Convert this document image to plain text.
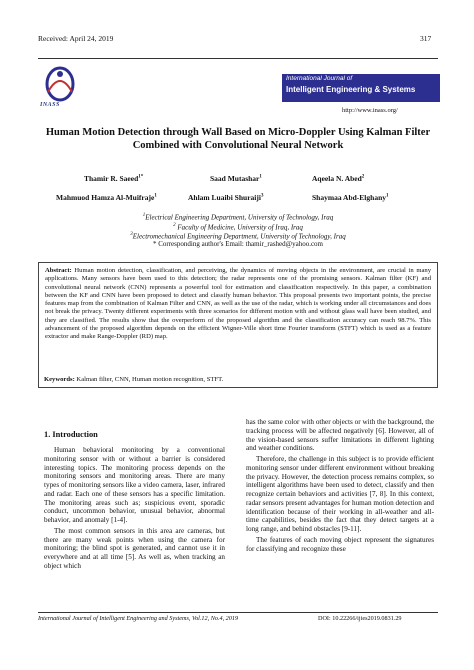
Received: April 24, 2019	317
INASS
International Journal of
Intelligent Engineering & Systems
http://www.inass.org/
Human Motion Detection through Wall Based on Micro-Doppler Using Kalman Filter Combined with Convolutional Neural Network
Thamir R. Saeed$^{1*}$	Saad Mutashar$^1$	Aqeela N. Abed$^2$
Mahmuod Hamza Al-Muifraje$^1$	Ahlam Luaibi Shuraiji$^3$	Shaymaa Abd-Elghany$^1$
$^1$Electrical Engineering Department, University of Technology, Iraq
$^2$ Faculty of Medicine, University of Iraq, Iraq
$^3$Electromechanical Engineering Department, University of Technology, Iraq
* Corresponding author's Email: thamir_rashed@yahoo.com
Abstract: Human motion detection, classification, and perceiving, the dynamics of moving objects in the environment, are crucial in many applications. Many sensors have been used to this detection; the radar represents one of the promising sensors. Kalman filter (KF) and convolutional neural network (CNN) represents a powerful tool for estimation and classification respectively. In this paper, a combination between the KF and CNN have been proposed to detect and classify human behavior. This proposal presents two important points, the precise features map from the combination of Kalman Filter and CNN, as well as the use of the radar, which is working under all circumstances and does not break the privacy. Twenty different experiments with three scenarios for different motion with and without glass wall have been studied, and they are classified. The results show that the overperform of the proposed algorithm and the classification accuracy can reach 98.7%. This advancement of the proposed algorithm depends on the efficient Wigner-Ville short time Fourier transform (STFT) which is used as a feature extractor and make Range-Doppler (RD) map.
Keywords: Kalman filter, CNN, Human motion recognition, STFT.
1. Introduction

Human behavioral monitoring by a conventional monitoring sensor with or without a barrier is considered interesting topics. The monitoring process depends on the monitoring sensors and monitoring areas. There are many types of monitoring sensors like a video camera, laser, infrared and radar. Each one of these sensors has a specific limitation. The monitoring areas such as; suspicious event, sporadic conduct, uncommon behavior, unusual behavior, abnormal behavior, and anomaly [1-4].

The most common sensors in this area are cameras, but there are many weak points when using the camera for monitoring; the blind spot is generated, and cannot use it in everywhere and at all time [5]. As well as, when tracking an object which

has the same color with other objects or with the background, the tracking process will be affected negatively [6]. However, all of the vision-based sensors suffer limitations in different lighting and weather conditions.

Therefore, the challenge in this subject is to provide efficient monitoring sensor under different environment without breaking the privacy. However, the detection process remains complex, so intelligent algorithms have been used to detect, classify and then recognize certain behaviors and activities [7, 8]. In this context, radar sensors present advantages for human motion detection and identification because of their working in all-weather and all-time capabilities, besides the fact that they detect targets at a long range, and behind obstacles [9-11].

The features of each moving object represent the signatures for classifying and recognize these

International Journal of Intelligent Engineering and Systems, Vol.12, No.4, 2019	DOI: 10.22266/ijies2019.0831.29
